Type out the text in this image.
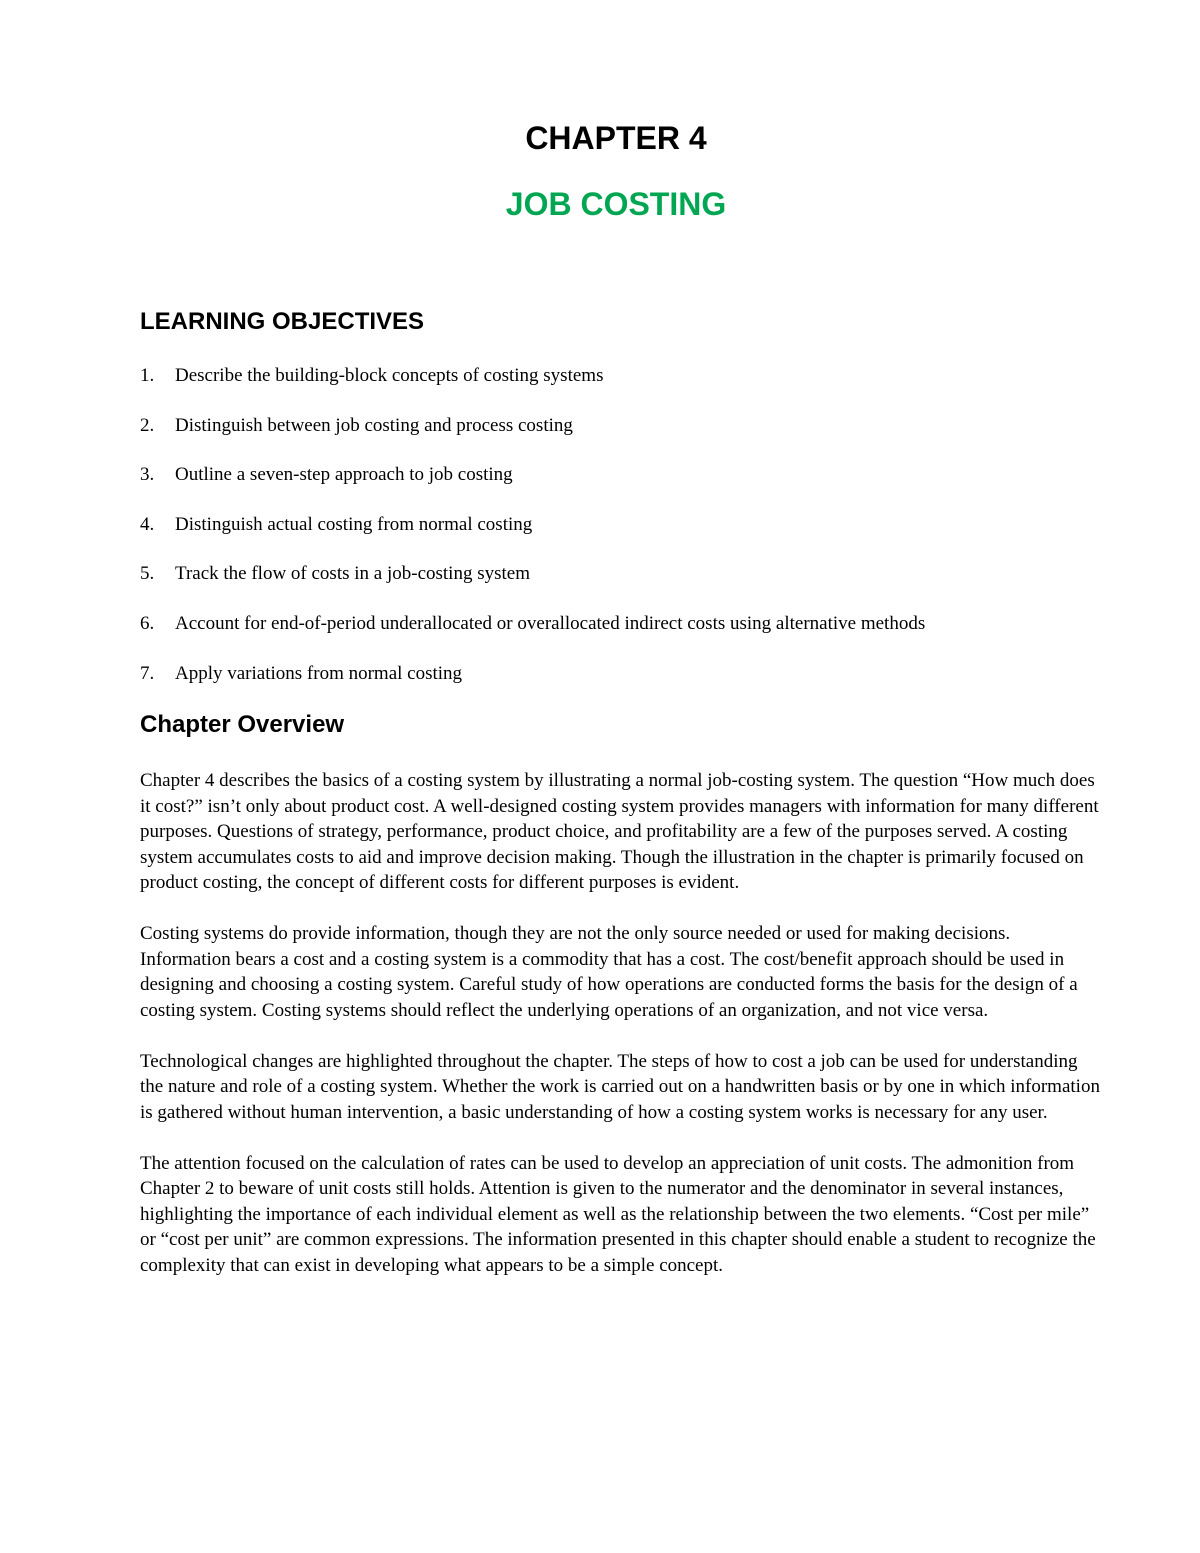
CHAPTER 4
JOB COSTING
LEARNING OBJECTIVES
1.	Describe the building-block concepts of costing systems
2.	Distinguish between job costing and process costing
3.	Outline a seven-step approach to job costing
4.	Distinguish actual costing from normal costing
5.	Track the flow of costs in a job-costing system
6.	Account for end-of-period underallocated or overallocated indirect costs using alternative methods
7.	Apply variations from normal costing
Chapter Overview

Chapter 4 describes the basics of a costing system by illustrating a normal job-costing system. The question “How much does it cost?” isn’t only about product cost. A well-designed costing system provides managers with information for many different purposes. Questions of strategy, performance, product choice, and profitability are a few of the purposes served. A costing system accumulates costs to aid and improve decision making. Though the illustration in the chapter is primarily focused on product costing, the concept of different costs for different purposes is evident.

Costing systems do provide information, though they are not the only source needed or used for making decisions. Information bears a cost and a costing system is a commodity that has a cost. The cost/benefit approach should be used in designing and choosing a costing system. Careful study of how operations are conducted forms the basis for the design of a costing system. Costing systems should reflect the underlying operations of an organization, and not vice versa.

Technological changes are highlighted throughout the chapter. The steps of how to cost a job can be used for understanding the nature and role of a costing system. Whether the work is carried out on a handwritten basis or by one in which information is gathered without human intervention, a basic understanding of how a costing system works is necessary for any user.

The attention focused on the calculation of rates can be used to develop an appreciation of unit costs. The admonition from Chapter 2 to beware of unit costs still holds. Attention is given to the numerator and the denominator in several instances, highlighting the importance of each individual element as well as the relationship between the two elements. “Cost per mile” or “cost per unit” are common expressions. The information presented in this chapter should enable a student to recognize the complexity that can exist in developing what appears to be a simple concept.
